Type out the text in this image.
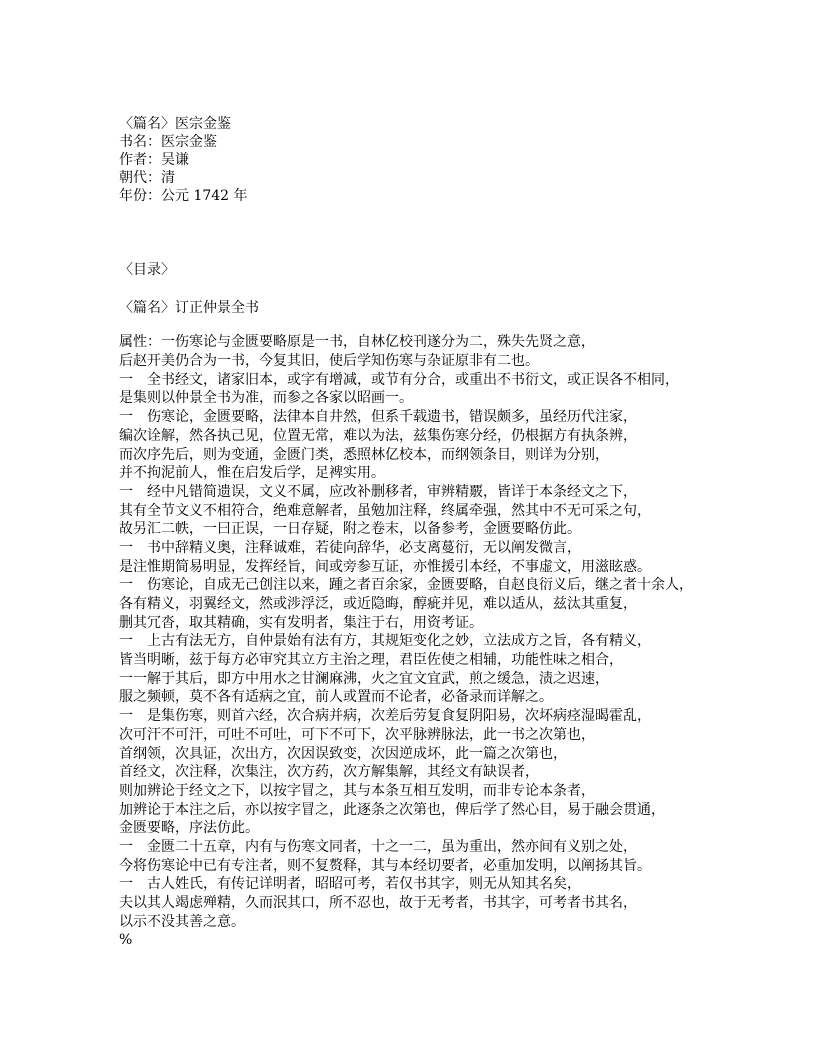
〈篇名〉医宗金鉴
书名：医宗金鉴
作者：吴谦
朝代：清
年份：公元 1742 年
〈目录〉
〈篇名〉订正仲景全书
属性：一伤寒论与金匮要略原是一书，自林亿校刊遂分为二，殊失先贤之意，
后赵开美仍合为一书，今复其旧，使后学知伤寒与杂证原非有二也。
一　全书经文，诸家旧本，或字有增减，或节有分合，或重出不书衍文，或正误各不相同，
是集则以仲景全书为准，而参之各家以昭画一。
一　伤寒论，金匮要略，法律本自井然，但系千载遗书，错误颇多，虽经历代注家，
编次诠解，然各执己见，位置无常，难以为法，兹集伤寒分经，仍根据方有执条辨，
而次序先后，则为变通，金匮门类，悉照林亿校本，而纲领条目，则详为分别，
并不拘泥前人，惟在启发后学，足裨实用。
一　经中凡错简遗误，文义不属，应改补删移者，审辨精覈，皆详于本条经文之下，
其有全节文义不相符合，绝难意解者，虽勉加注释，终属牵强，然其中不无可采之句，
故另汇二帙，一曰正误，一日存疑，附之卷末，以备参考，金匮要略仿此。
一　书中辞精义奥，注释诚难，若徒向辞华，必支离蔓衍，无以阐发微言，
是注惟期简易明显，发挥经旨，间或旁参互证，亦惟援引本经，不事虚文，用滋眩惑。
一　伤寒论，自成无己创注以来，踵之者百余家，金匮要略，自赵良衍义后，继之者十余人，
各有精义，羽翼经文，然或涉浮泛，或近隐晦，醇疵并见，难以适从，兹汰其重复，
删其冗沓，取其精确，实有发明者，集注于右，用资考证。
一　上古有法无方，自仲景始有法有方，其规矩变化之妙，立法成方之旨，各有精义，
皆当明晰，兹于每方必审究其立方主治之理，君臣佐使之相辅，功能性味之相合，
一一解于其后，即方中用水之甘澜麻沸，火之宜文宜武，煎之缓急，渍之迟速，
服之频顿，莫不各有适病之宜，前人或置而不论者，必备录而详解之。
一　是集伤寒，则首六经，次合病并病，次差后劳复食复阴阳易，次坏病痉湿暍霍乱，
次可汗不可汗，可吐不可吐，可下不可下，次平脉辨脉法，此一书之次第也，
首纲领，次具证，次出方，次因误致变，次因逆成坏，此一篇之次第也，
首经文，次注释，次集注，次方药，次方解集解，其经文有缺误者，
则加辨论于经文之下，以按字冒之，其与本条互相互发明，而非专论本条者，
加辨论于本注之后，亦以按字冒之，此逐条之次第也，俾后学了然心目，易于融会贯通，
金匮要略，序法仿此。
一　金匮二十五章，内有与伤寒文同者，十之一二，虽为重出，然亦间有义别之处，
今将伤寒论中已有专注者，则不复赘释，其与本经切要者，必重加发明，以阐扬其旨。
一　古人姓氏，有传记详明者，昭昭可考，若仅书其字，则无从知其名矣，
夫以其人竭虑殚精，久而泯其口，所不忍也，故于无考者，书其字，可考者书其名，
以示不没其善之意。
%
